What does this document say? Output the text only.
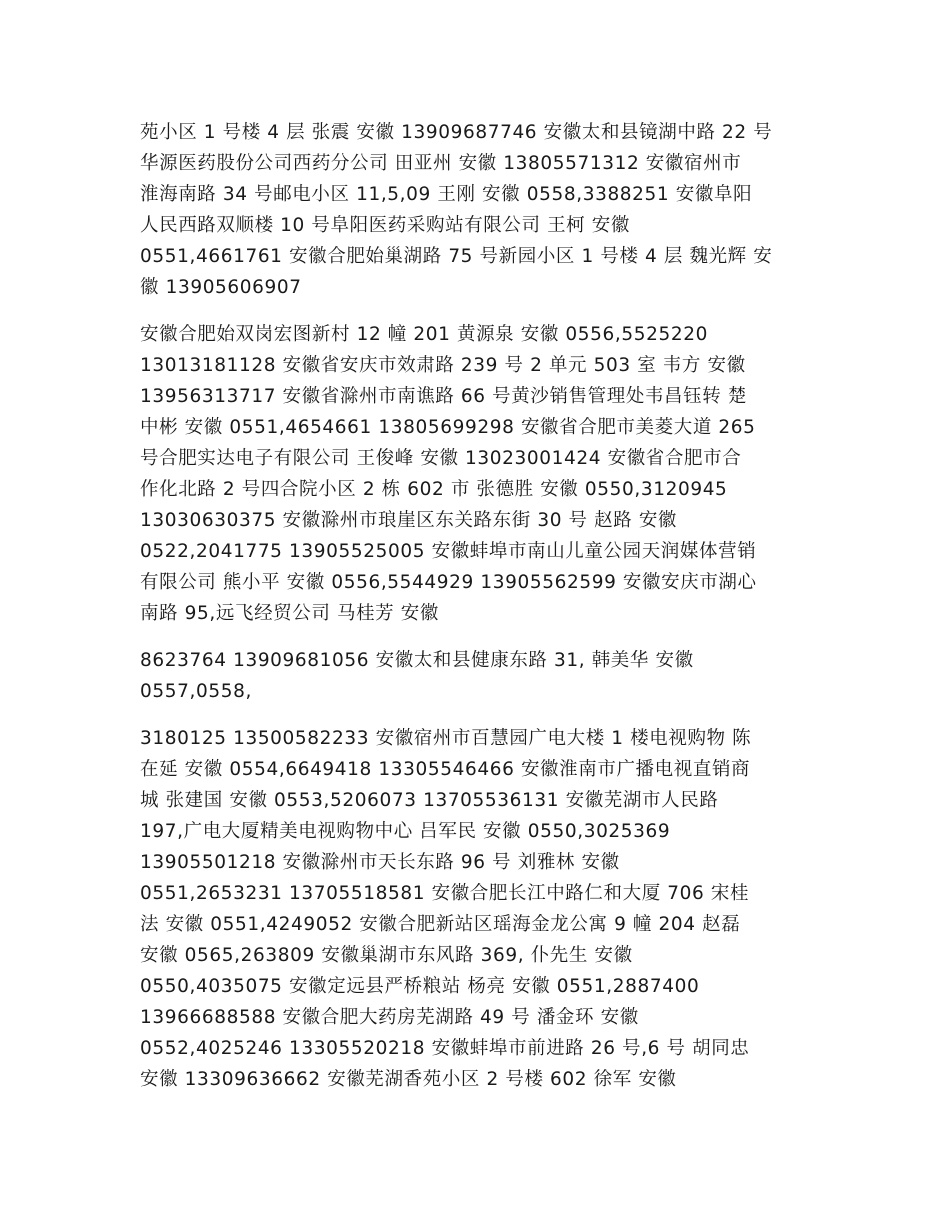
苑小区 1 号楼 4 层 张震 安徽 13909687746 安徽太和县镜湖中路 22 号
华源医药股份公司西药分公司 田亚州 安徽 13805571312 安徽宿州市
淮海南路 34 号邮电小区 11,5,09 王刚 安徽 0558,3388251 安徽阜阳
人民西路双顺楼 10 号阜阳医药采购站有限公司 王柯 安徽
0551,4661761 安徽合肥始巢湖路 75 号新园小区 1 号楼 4 层 魏光辉 安
徽 13905606907
安徽合肥始双岗宏图新村 12 幢 201 黄源泉 安徽 0556,5525220
13013181128 安徽省安庆市效肃路 239 号 2 单元 503 室 韦方 安徽
13956313717 安徽省滁州市南谯路 66 号黄沙销售管理处韦昌钰转 楚
中彬 安徽 0551,4654661 13805699298 安徽省合肥市美菱大道 265
号合肥实达电子有限公司 王俊峰 安徽 13023001424 安徽省合肥市合
作化北路 2 号四合院小区 2 栋 602 市 张德胜 安徽 0550,3120945
13030630375 安徽滁州市琅崖区东关路东街 30 号 赵路 安徽
0522,2041775 13905525005 安徽蚌埠市南山儿童公园天润媒体营销
有限公司 熊小平 安徽 0556,5544929 13905562599 安徽安庆市湖心
南路 95,远飞经贸公司 马桂芳 安徽
8623764 13909681056 安徽太和县健康东路 31, 韩美华 安徽
0557,0558,
3180125 13500582233 安徽宿州市百慧园广电大楼 1 楼电视购物 陈
在延 安徽 0554,6649418 13305546466 安徽淮南市广播电视直销商
城 张建国 安徽 0553,5206073 13705536131 安徽芜湖市人民路
197,广电大厦精美电视购物中心 吕军民 安徽 0550,3025369
13905501218 安徽滁州市天长东路 96 号 刘雅林 安徽
0551,2653231 13705518581 安徽合肥长江中路仁和大厦 706 宋桂
法 安徽 0551,4249052 安徽合肥新站区瑶海金龙公寓 9 幢 204 赵磊
安徽 0565,263809 安徽巢湖市东风路 369, 仆先生 安徽
0550,4035075 安徽定远县严桥粮站 杨亮 安徽 0551,2887400
13966688588 安徽合肥大药房芜湖路 49 号 潘金环 安徽
0552,4025246 13305520218 安徽蚌埠市前进路 26 号,6 号 胡同忠
安徽 13309636662 安徽芜湖香苑小区 2 号楼 602 徐军 安徽
